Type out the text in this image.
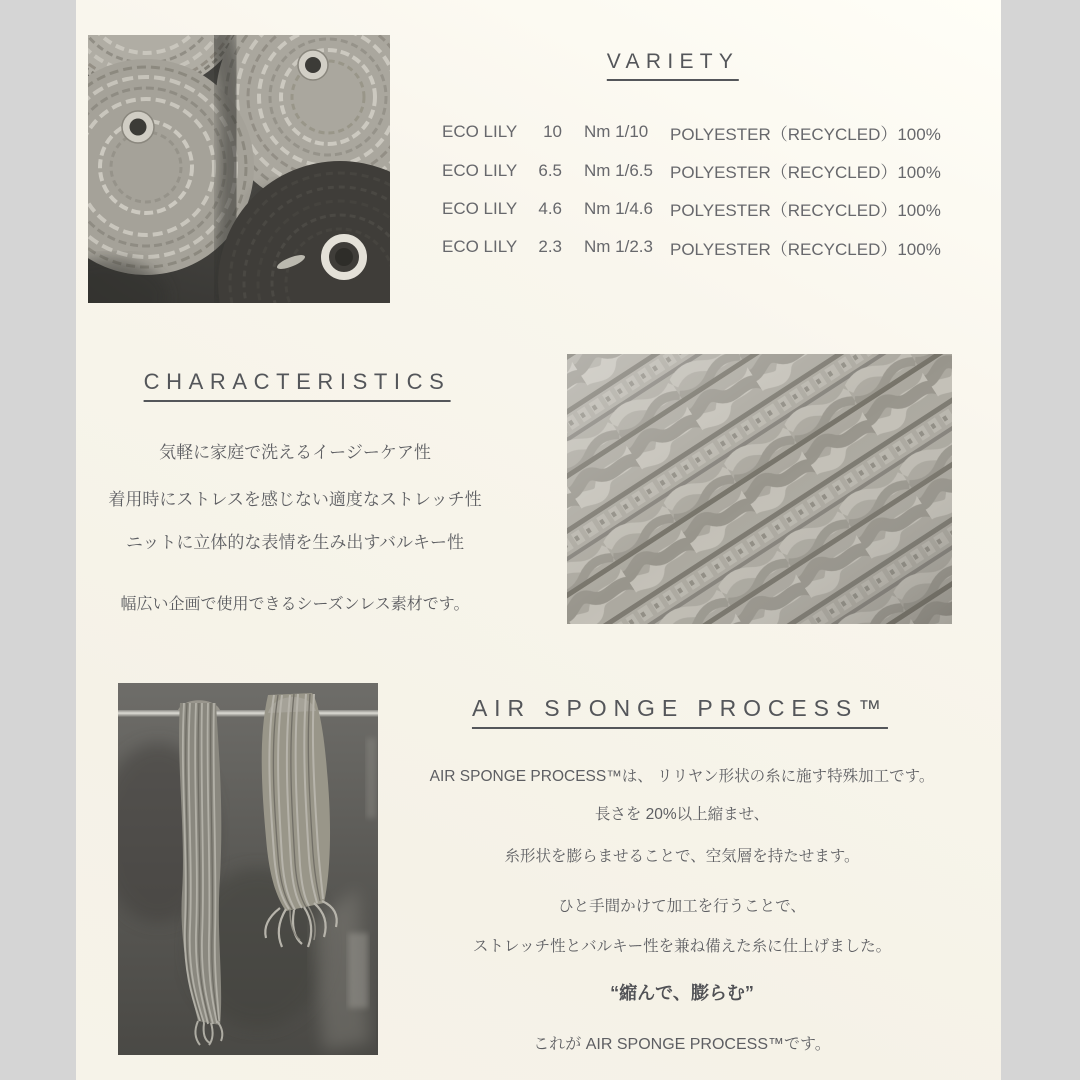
VARIETY
ECO LILY	10 Nm 1/10	POLYESTER（RECYCLED）100%
ECO LILY	6.5 Nm 1/6.5	POLYESTER（RECYCLED）100%
ECO LILY	4.6 Nm 1/4.6	POLYESTER（RECYCLED）100%
ECO LILY	2.3 Nm 1/2.3	POLYESTER（RECYCLED）100%
CHARACTERISTICS
気軽に家庭で洗えるイージーケア性
着用時にストレスを感じない適度なストレッチ性
ニットに立体的な表情を生み出すバルキー性
幅広い企画で使用できるシーズンレス素材です。
AIR SPONGE PROCESS™
AIR SPONGE PROCESS™は、 リリヤン形状の糸に施す特殊加工です。
長さを 20%以上縮ませ、
糸形状を膨らませることで、空気層を持たせます。
ひと手間かけて加工を行うことで、
ストレッチ性とバルキー性を兼ね備えた糸に仕上げました。
“縮んで、膨らむ”
これが AIR SPONGE PROCESS™です。
